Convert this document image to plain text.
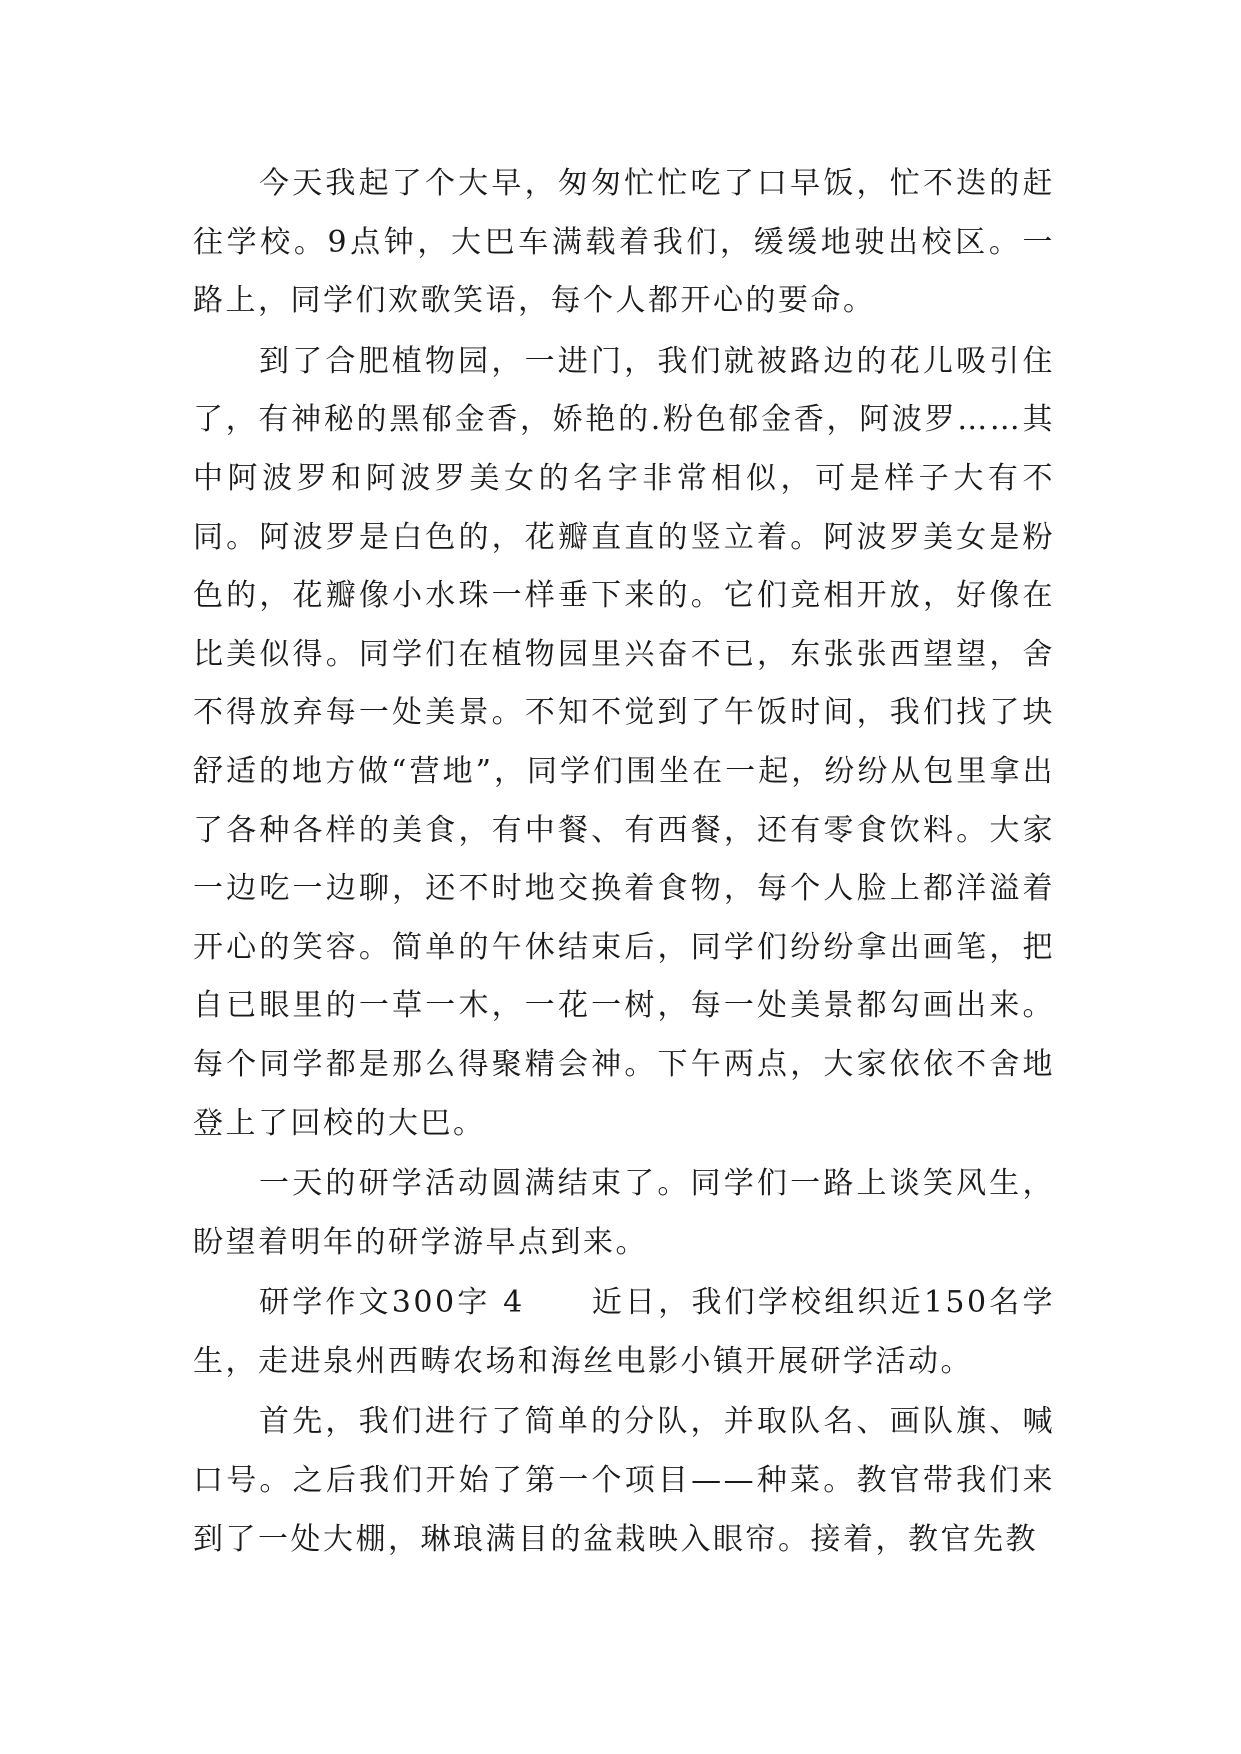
今天我起了个大早，匆匆忙忙吃了口早饭，忙不迭的赶往学校。9点钟，大巴车满载着我们，缓缓地驶出校区。一路上，同学们欢歌笑语，每个人都开心的要命。

到了合肥植物园，一进门，我们就被路边的花儿吸引住了，有神秘的黑郁金香，娇艳的.粉色郁金香，阿波罗……其中阿波罗和阿波罗美女的名字非常相似，可是样子大有不同。阿波罗是白色的，花瓣直直的竖立着。阿波罗美女是粉色的，花瓣像小水珠一样垂下来的。它们竞相开放，好像在比美似得。同学们在植物园里兴奋不已，东张张西望望，舍不得放弃每一处美景。不知不觉到了午饭时间，我们找了块舒适的地方做“营地”，同学们围坐在一起，纷纷从包里拿出了各种各样的美食，有中餐、有西餐，还有零食饮料。大家一边吃一边聊，还不时地交换着食物，每个人脸上都洋溢着开心的笑容。简单的午休结束后，同学们纷纷拿出画笔，把自已眼里的一草一木，一花一树，每一处美景都勾画出来。每个同学都是那么得聚精会神。下午两点，大家依依不舍地登上了回校的大巴。

一天的研学活动圆满结束了。同学们一路上谈笑风生，盼望着明年的研学游早点到来。

研学作文300字 4　　近日，我们学校组织近150名学生，走进泉州西畴农场和海丝电影小镇开展研学活动。

首先，我们进行了简单的分队，并取队名、画队旗、喊口号。之后我们开始了第一个项目——种菜。教官带我们来到了一处大棚，琳琅满目的盆栽映入眼帘。接着，教官先教
